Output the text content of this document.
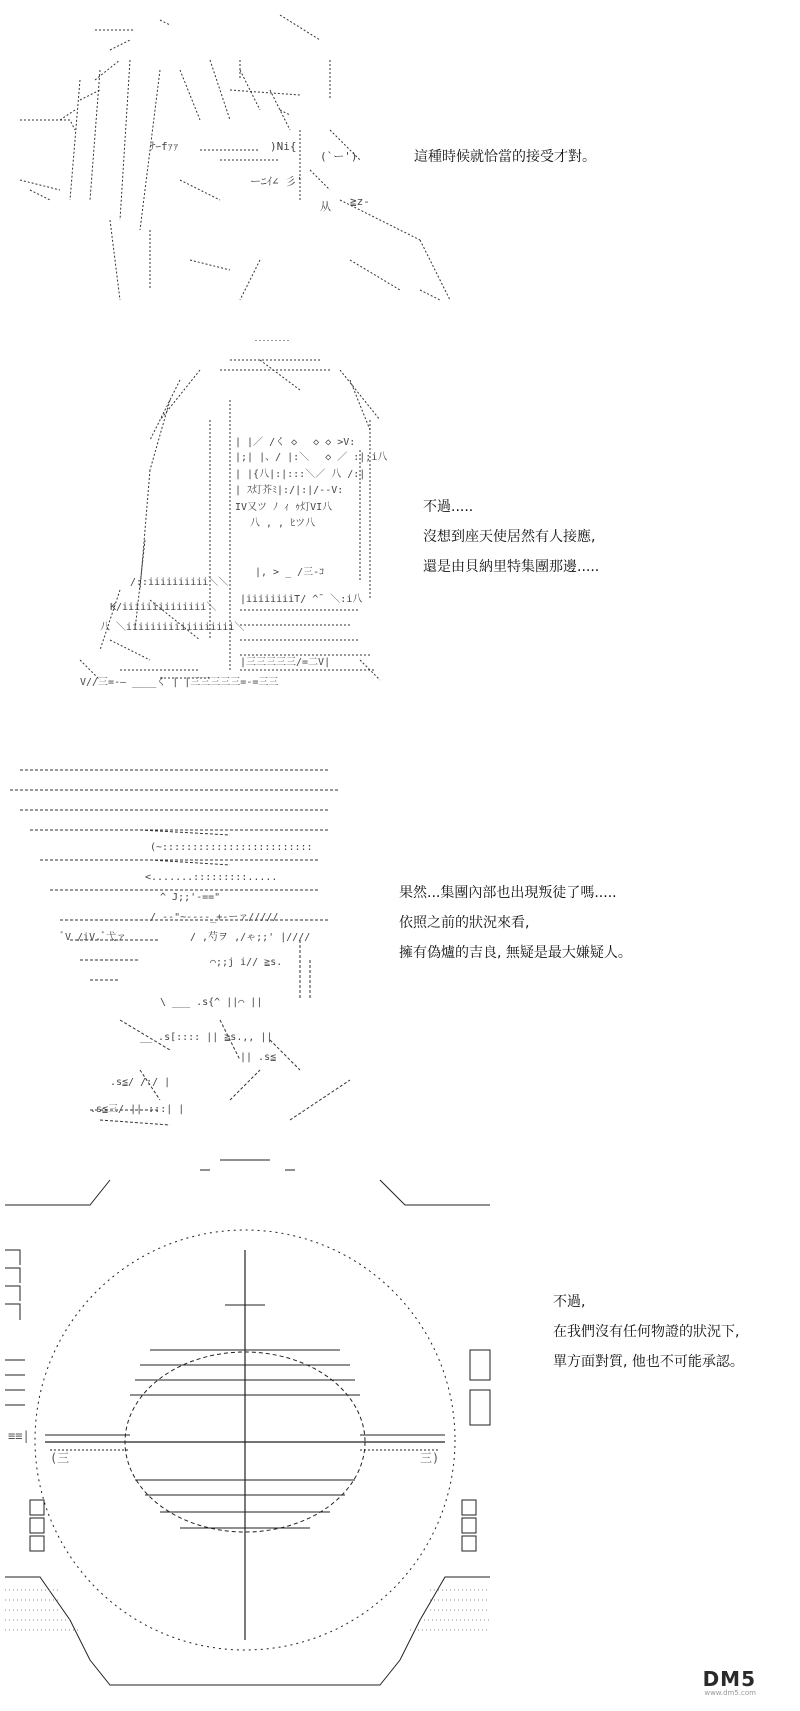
ﾅｰfｧｧ	)Ni{
(`ー')
从 ≧z-
ーﾆｲ∠ 彡'
這種時候就恰當的接受才對。
| |／ /く ◇ 　◇ ◇ >V:
|;| |、/ |:＼　 ◇ ／ :|;i八
| |{八|:|:::＼／ 八 /:|
| ｽ灯芥ﾐ|:/|:|/--V:
IV又ツ ﾉ ｨ ｩ灯VI八
八 , , ﾋツ八
|, > _ /三-ｺ
|iiiiiiiiT/ ^¯ ＼:i八
/::iiiiiiiiii＼＼
K/iiiiiiiiiiiiii＼
八 ＼iiiiiiiiiiiiiiiiii＼
|三三三三三/=二V|
V//三=-— ____く | |三三三三三=-=三三
不過.....
沒想到座天使居然有人接應,
還是由貝納里特集團那邊.....
(~:::::::::::::::::::::::::
<.......:::::::::.....
^ J;;'-=="
/ --"~----_+-ーァ/////
/ ,芍ヲ ,/ゃ;;' |////
ﾞV /iV.ﾞ弋ァ
⌒;;j i// ≧s.
\ ___ .s{^ ||⌒ ||
__ .s[:::: || ≧s.,, ||
|| .s≦
.s≦/ /:/ |
.s≦三/ || :::| |
果然...集團內部也出現叛徒了嗎.....
依照之前的狀況來看,
擁有偽爐的吉良, 無疑是最大嫌疑人。
≡≡|
(三	三)
不過,
在我們沒有任何物證的狀況下,
單方面對質, 他也不可能承認。
DM5
www.dm5.com
